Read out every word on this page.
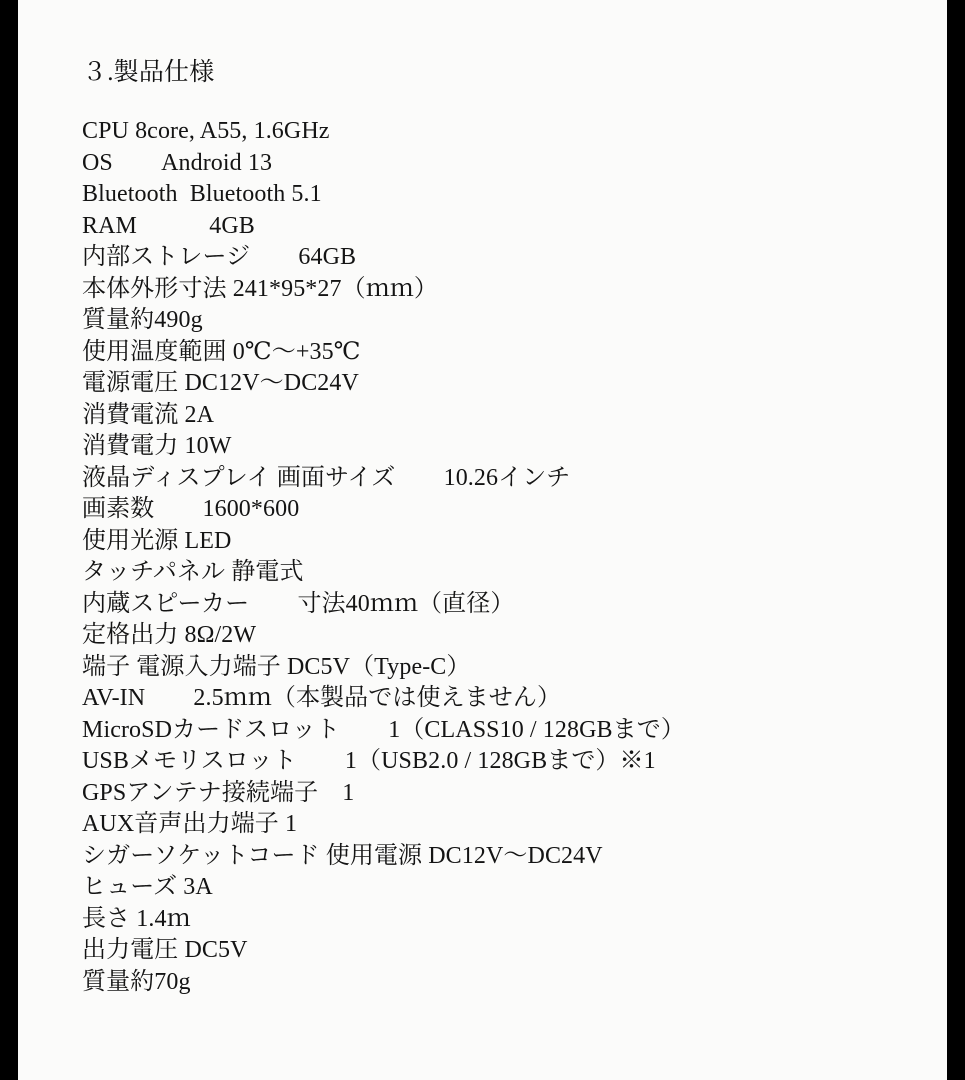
３.製品仕様
CPU 8core, A55, 1.6GHz
OS　　Android 13
Bluetooth  Bluetooth 5.1
RAM　　　4GB
内部ストレージ　　64GB
本体外形寸法 241*95*27（ｍｍ）
質量約490g
使用温度範囲 0℃～+35℃
電源電圧 DC12V～DC24V
消費電流 2A
消費電力 10W
液晶ディスプレイ 画面サイズ　　10.26インチ
画素数　　1600*600
使用光源 LED
タッチパネル 静電式
内蔵スピーカー　　寸法40ｍｍ（直径）
定格出力 8Ω/2W
端子 電源入力端子 DC5V（Type-C）
AV-IN　　2.5ｍｍ（本製品では使えません）
MicroSDカードスロット　　1（CLASS10 / 128GBまで）
USBメモリスロット　　1（USB2.0 / 128GBまで）※1
GPSアンテナ接続端子　1
AUX音声出力端子 1
シガーソケットコード 使用電源 DC12V～DC24V
ヒューズ 3A
長さ 1.4ｍ
出力電圧 DC5V
質量約70g
